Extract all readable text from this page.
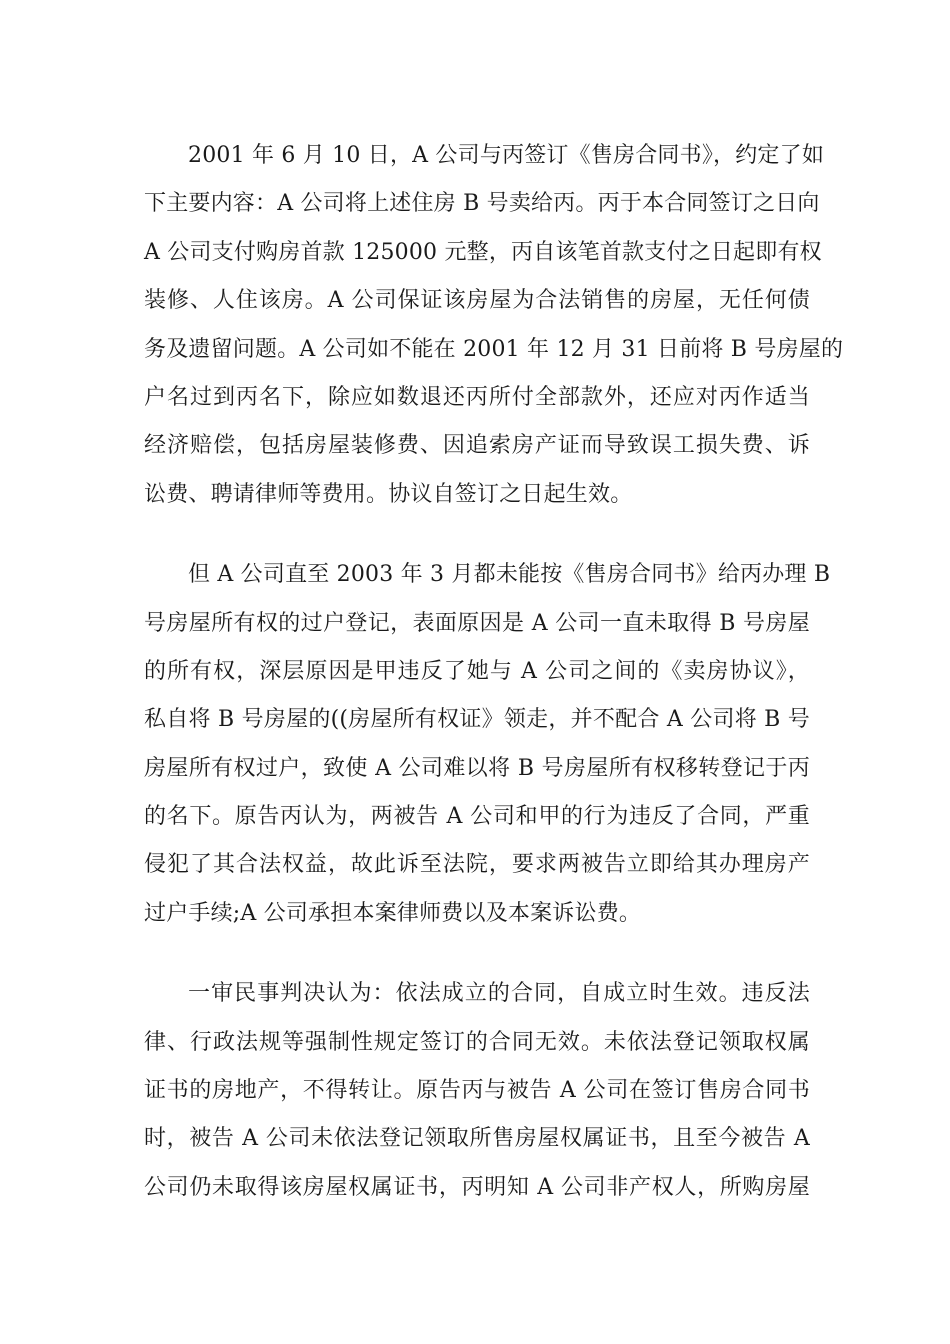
2001 年 6 月 10 日，A 公司与丙签订《售房合同书》，约定了如
下主要内容：A 公司将上述住房 B 号卖给丙。丙于本合同签订之日向
A 公司支付购房首款 125000 元整，丙自该笔首款支付之日起即有权
装修、人住该房。A 公司保证该房屋为合法销售的房屋，无任何债
务及遗留问题。A 公司如不能在 2001 年 12 月 31 日前将 B 号房屋的
户名过到丙名下，除应如数退还丙所付全部款外，还应对丙作适当
经济赔偿，包括房屋装修费、因追索房产证而导致误工损失费、诉
讼费、聘请律师等费用。协议自签订之日起生效。
但 A 公司直至 2003 年 3 月都未能按《售房合同书》给丙办理 B
号房屋所有权的过户登记，表面原因是 A 公司一直未取得 B 号房屋
的所有权，深层原因是甲违反了她与 A 公司之间的《卖房协议》，
私自将 B 号房屋的((房屋所有权证》领走，并不配合 A 公司将 B 号
房屋所有权过户，致使 A 公司难以将 B 号房屋所有权移转登记于丙
的名下。原告丙认为，两被告 A 公司和甲的行为违反了合同，严重
侵犯了其合法权益，故此诉至法院，要求两被告立即给其办理房产
过户手续;A 公司承担本案律师费以及本案诉讼费。
一审民事判决认为：依法成立的合同，自成立时生效。违反法
律、行政法规等强制性规定签订的合同无效。未依法登记领取权属
证书的房地产，不得转让。原告丙与被告 A 公司在签订售房合同书
时，被告 A 公司未依法登记领取所售房屋权属证书，且至今被告 A
公司仍未取得该房屋权属证书，丙明知 A 公司非产权人，所购房屋
